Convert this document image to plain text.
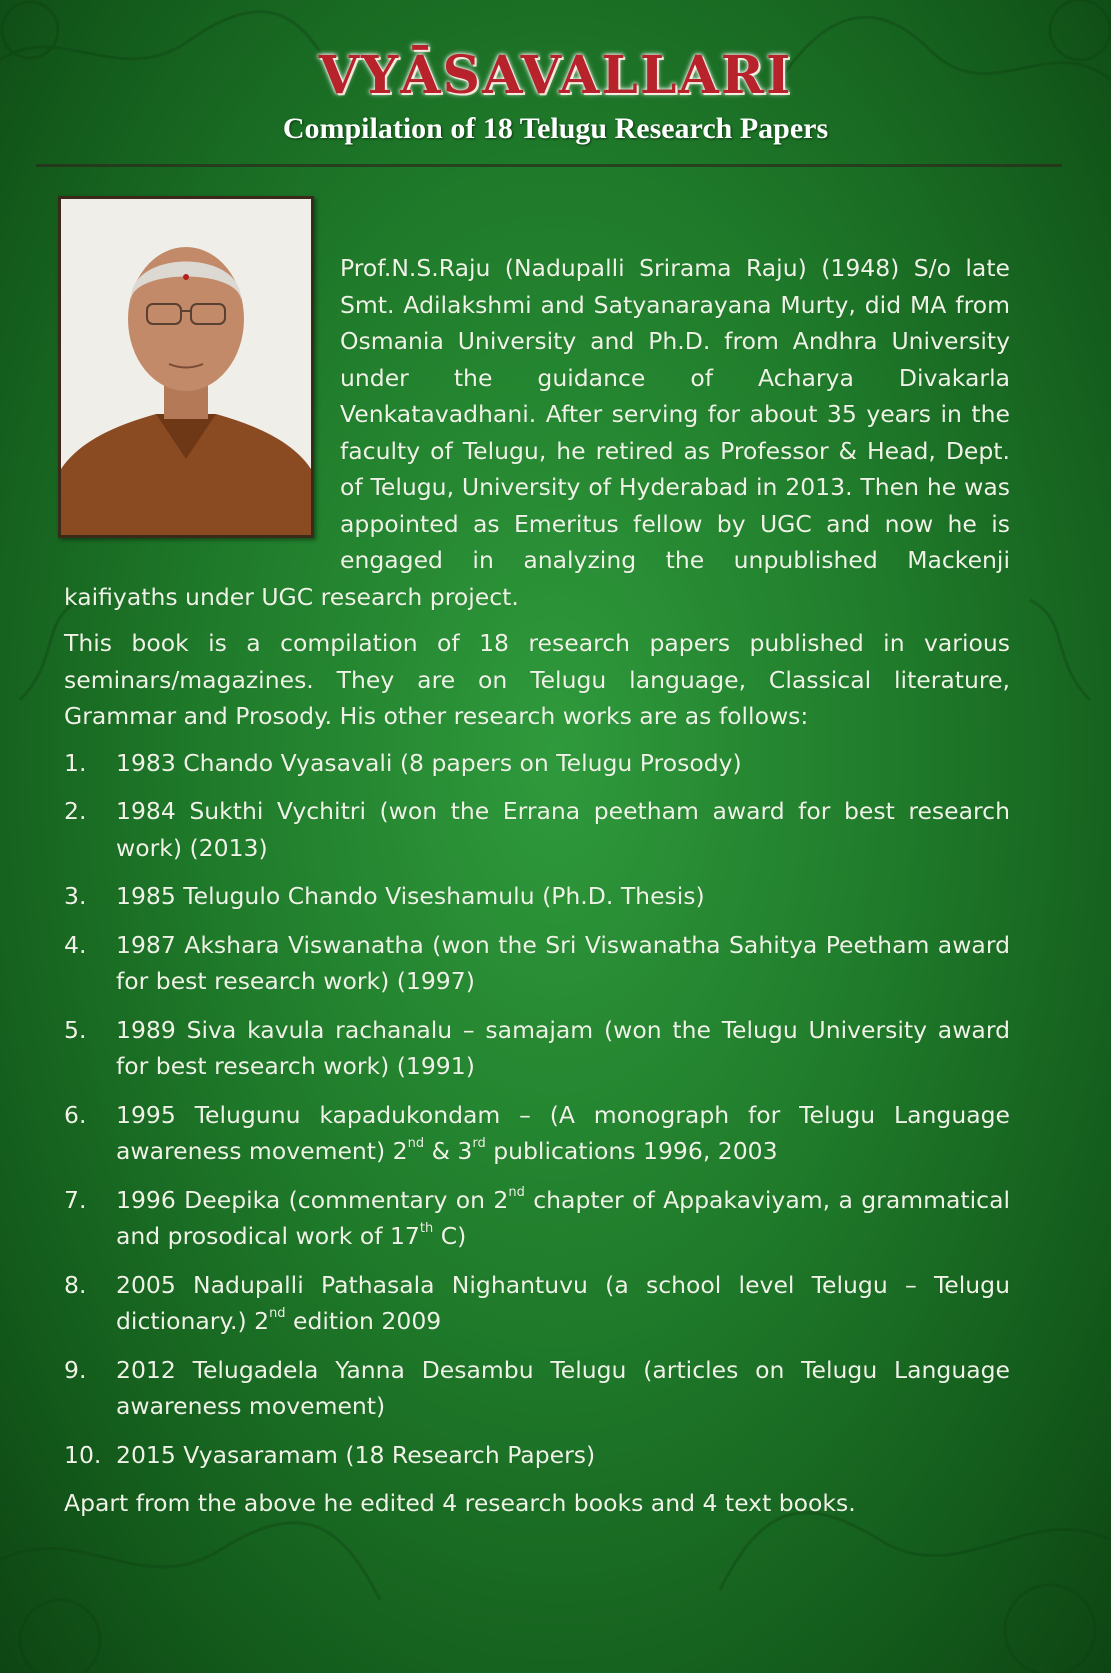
VYĀSAVALLARI
Compilation of 18 Telugu Research Papers

Prof.N.S.Raju (Nadupalli Srirama Raju) (1948) S/o late Smt. Adilakshmi and Satyanarayana Murty, did MA from Osmania University and Ph.D. from Andhra University under the guidance of Acharya Divakarla Venkatavadhani. After serving for about 35 years in the faculty of Telugu, he retired as Professor & Head, Dept. of Telugu, University of Hyderabad in 2013. Then he was appointed as Emeritus fellow by UGC and now he is engaged in analyzing the unpublished Mackenji kaifiyaths under UGC research project.

This book is a compilation of 18 research papers published in various seminars/magazines. They are on Telugu language, Classical literature, Grammar and Prosody. His other research works are as follows:

1. 1983 Chando Vyasavali (8 papers on Telugu Prosody)
2. 1984 Sukthi Vychitri (won the Errana peetham award for best research work) (2013)
3. 1985 Telugulo Chando Viseshamulu (Ph.D. Thesis)
4. 1987 Akshara Viswanatha (won the Sri Viswanatha Sahitya Peetham award for best research work) (1997)
5. 1989 Siva kavula rachanalu – samajam (won the Telugu University award for best research work) (1991)
6. 1995 Telugunu kapadukondam – (A monograph for Telugu Language awareness movement) 2nd & 3rd publications 1996, 2003
7. 1996 Deepika (commentary on 2nd chapter of Appakaviyam, a grammatical and prosodical work of 17th C)
8. 2005 Nadupalli Pathasala Nighantuvu (a school level Telugu – Telugu dictionary.) 2nd edition 2009
9. 2012 Telugadela Yanna Desambu Telugu (articles on Telugu Language awareness movement)
10. 2015 Vyasaramam (18 Research Papers)

Apart from the above he edited 4 research books and 4 text books.
